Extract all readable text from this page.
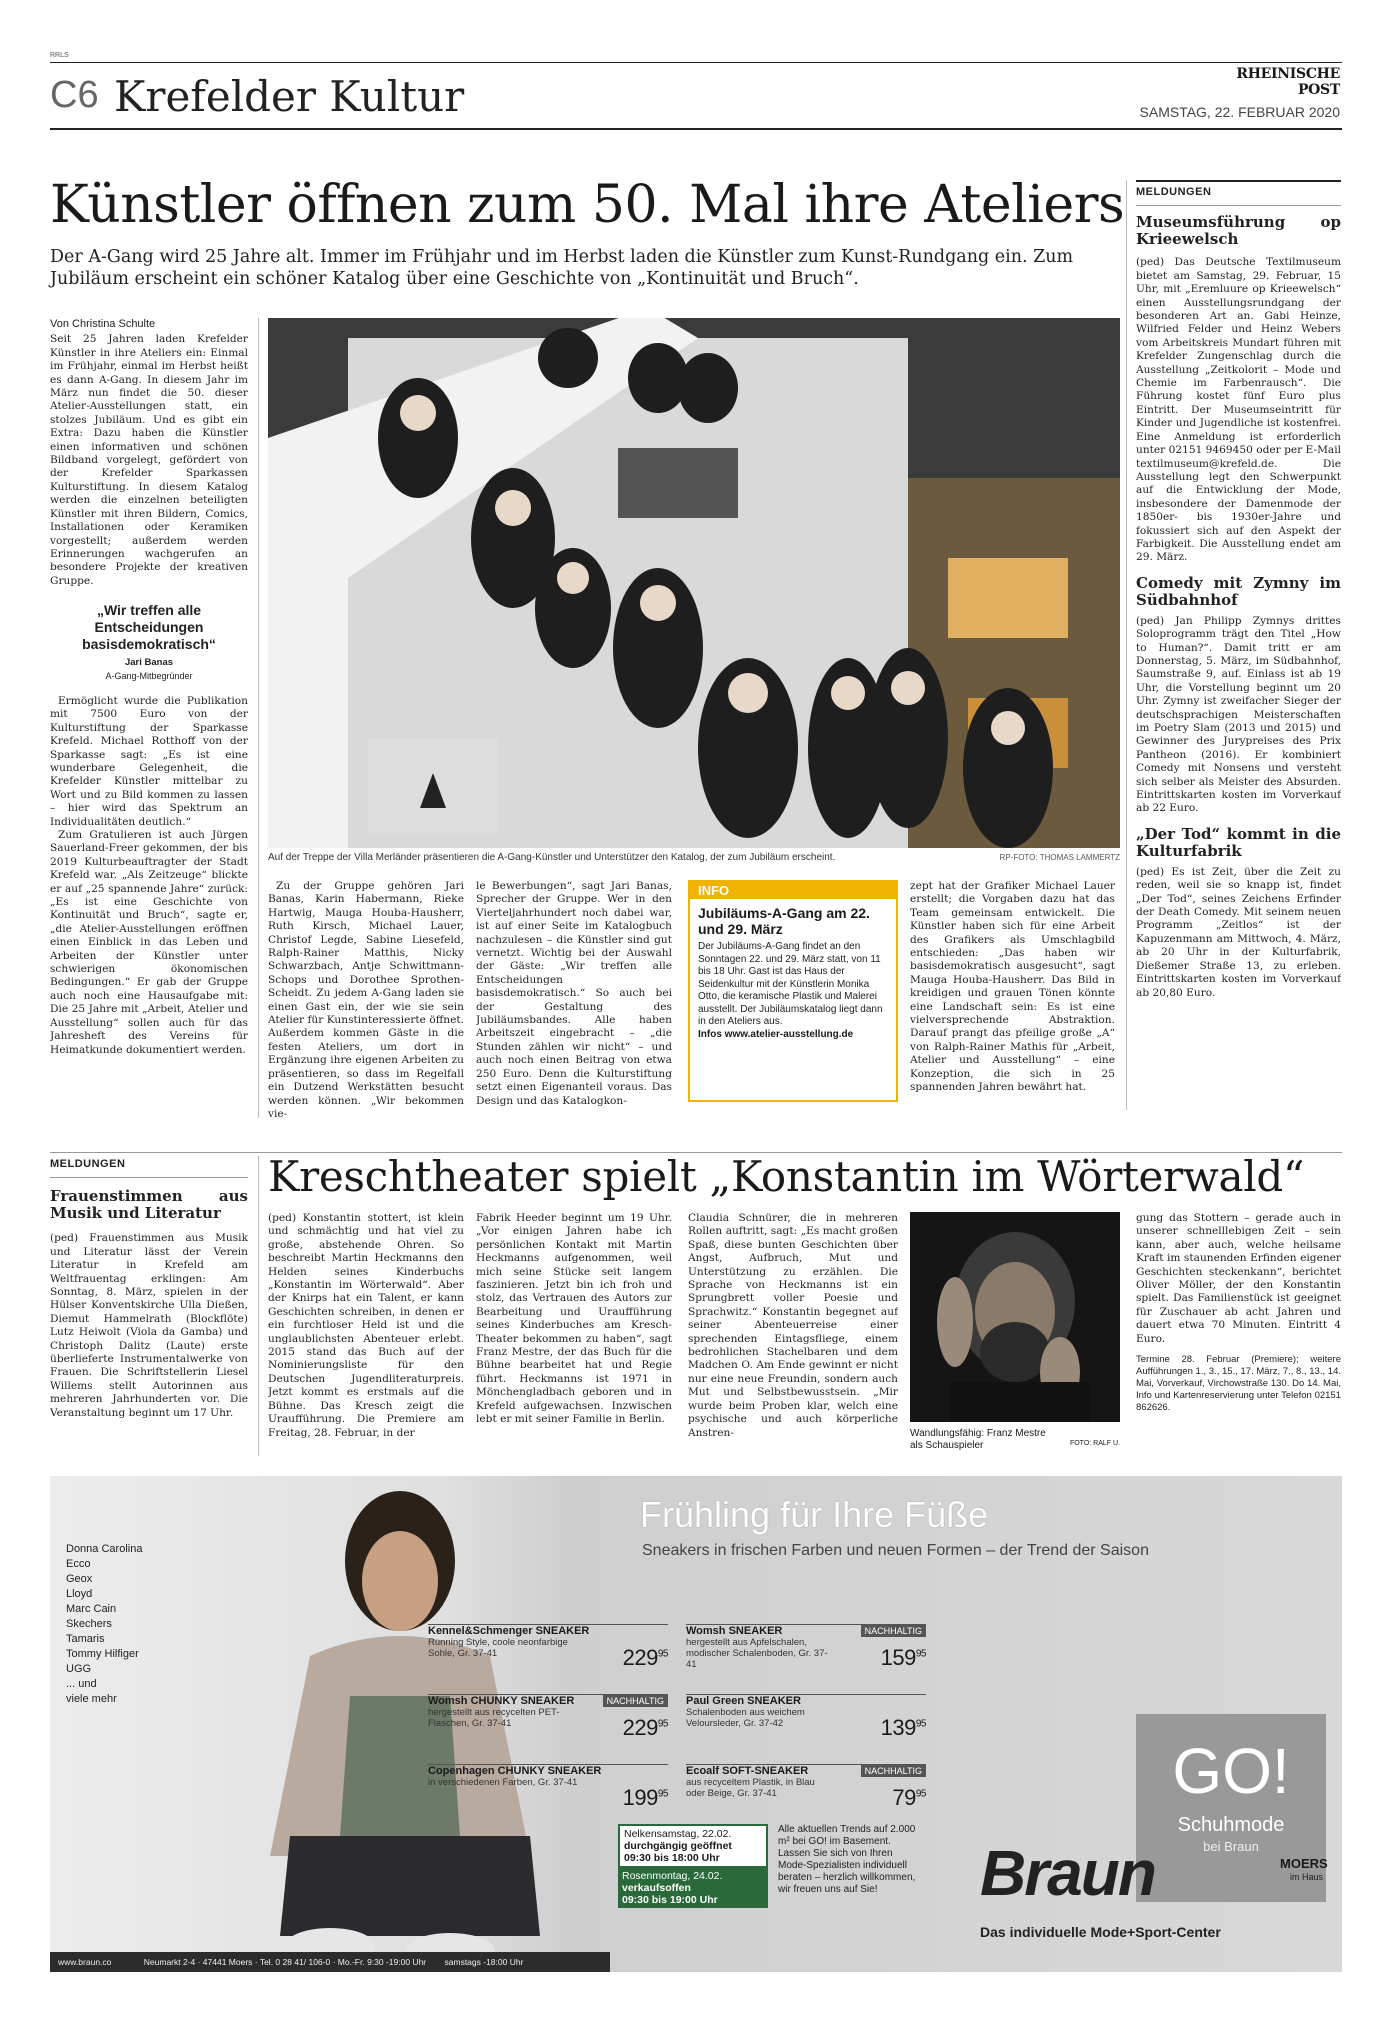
RRLS
C6 Krefelder Kultur	RHEINISCHE POST
SAMSTAG, 22. FEBRUAR 2020
Künstler öffnen zum 50. Mal ihre Ateliers
Der A-Gang wird 25 Jahre alt. Immer im Frühjahr und im Herbst laden die Künstler zum Kunst-Rundgang ein. Zum Jubiläum erscheint ein schöner Katalog über eine Geschichte von „Kontinuität und Bruch“.
Von Christina Schulte

Seit 25 Jahren laden Krefelder Künstler in ihre Ateliers ein: Einmal im Frühjahr, einmal im Herbst heißt es dann A-Gang. In diesem Jahr im März nun findet die 50. dieser Atelier-Ausstellungen statt, ein stolzes Jubiläum. Und es gibt ein Extra: Dazu haben die Künstler einen informativen und schönen Bildband vorgelegt, gefördert von der Krefelder Sparkassen Kulturstiftung. In diesem Katalog werden die einzelnen beteiligten Künstler mit ihren Bildern, Comics, Installationen oder Keramiken vorgestellt; außerdem werden Erinnerungen wachgerufen an besondere Projekte der kreativen Gruppe.

„Wir treffen alle Entscheidungen basisdemokratisch“
Jari Banas
A-Gang-Mitbegründer

Ermöglicht wurde die Publikation mit 7500 Euro von der Kulturstiftung der Sparkasse Krefeld. Michael Rotthoff von der Sparkasse sagt: „Es ist eine wunderbare Gelegenheit, die Krefelder Künstler mittelbar zu Wort und zu Bild kommen zu lassen – hier wird das Spektrum an Individualitäten deutlich.“

Zum Gratulieren ist auch Jürgen Sauerland-Freer gekommen, der bis 2019 Kulturbeauftragter der Stadt Krefeld war. „Als Zeitzeuge“ blickte er auf „25 spannende Jahre“ zurück: „Es ist eine Geschichte von Kontinuität und Bruch“, sagte er, „die Atelier-Ausstellungen eröffnen einen Einblick in das Leben und Arbeiten der Künstler unter schwierigen ökonomischen Bedingungen.“ Er gab der Gruppe auch noch eine Hausaufgabe mit: Die 25 Jahre mit „Arbeit, Atelier und Ausstellung“ sollen auch für das Jahresheft des Vereins für Heimatkunde dokumentiert werden.

Auf der Treppe der Villa Merländer präsentieren die A-Gang-Künstler und Unterstützer den Katalog, der zum Jubiläum erscheint.	RP-FOTO: THOMAS LAMMERTZ

Zu der Gruppe gehören Jari Banas, Karin Habermann, Rieke Hartwig, Mauga Houba-Hausherr, Ruth Kirsch, Michael Lauer, Christof Legde, Sabine Liesefeld, Ralph-Rainer Matthis, Nicky Schwarzbach, Antje Schwittmann-Schops und Dorothee Sprothen-Scheidt. Zu jedem A-Gang laden sie einen Gast ein, der wie sie sein Atelier für Kunstinteressierte öffnet. Außerdem kommen Gäste in die festen Ateliers, um dort in Ergänzung ihre eigenen Arbeiten zu präsentieren, so dass im Regelfall ein Dutzend Werkstätten besucht werden können. „Wir bekommen vie-

le Bewerbungen“, sagt Jari Banas, Sprecher der Gruppe. Wer in den Vierteljahrhundert noch dabei war, ist auf einer Seite im Katalogbuch nachzulesen – die Künstler sind gut vernetzt. Wichtig bei der Auswahl der Gäste: „Wir treffen alle Entscheidungen basisdemokratisch.“ So auch bei der Gestaltung des Jubiläumsbandes. Alle haben Arbeitszeit eingebracht – „die Stunden zählen wir nicht“ – und auch noch einen Beitrag von etwa 250 Euro. Denn die Kulturstiftung setzt einen Eigenanteil voraus. Das Design und das Katalogkon-

INFO
Jubiläums-A-Gang am 22. und 29. März
Der Jubiläums-A-Gang findet an den Sonntagen 22. und 29. März statt, von 11 bis 18 Uhr. Gast ist das Haus der Seidenkultur mit der Künstlerin Monika Otto, die keramische Plastik und Malerei ausstellt. Der Jubiläumskatalog liegt dann in den Ateliers aus.
Infos www.atelier-ausstellung.de

zept hat der Grafiker Michael Lauer erstellt; die Vorgaben dazu hat das Team gemeinsam entwickelt. Die Künstler haben sich für eine Arbeit des Grafikers als Umschlagbild entschieden: „Das haben wir basisdemokratisch ausgesucht“, sagt Mauga Houba-Hausherr. Das Bild in kreidigen und grauen Tönen könnte eine Landschaft sein: Es ist eine vielversprechende Abstraktion. Darauf prangt das pfeilige große „A“ von Ralph-Rainer Mathis für „Arbeit, Atelier und Ausstellung“ – eine Konzeption, die sich in 25 spannenden Jahren bewährt hat.

MELDUNGEN
Museumsführung op Krieewelsch

(ped) Das Deutsche Textilmuseum bietet am Samstag, 29. Februar, 15 Uhr, mit „Eremluure op Krieewelsch“ einen Ausstellungsrundgang der besonderen Art an. Gabi Heinze, Wilfried Felder und Heinz Webers vom Arbeitskreis Mundart führen mit Krefelder Zungenschlag durch die Ausstellung „Zeitkolorit – Mode und Chemie im Farbenrausch“. Die Führung kostet fünf Euro plus Eintritt. Der Museumseintritt für Kinder und Jugendliche ist kostenfrei. Eine Anmeldung ist erforderlich unter 02151 9469450 oder per E-Mail textilmuseum@krefeld.de. Die Ausstellung legt den Schwerpunkt auf die Entwicklung der Mode, insbesondere der Damenmode der 1850er- bis 1930er-Jahre und fokussiert sich auf den Aspekt der Farbigkeit. Die Ausstellung endet am 29. März.

Comedy mit Zymny im Südbahnhof

(ped) Jan Philipp Zymnys drittes Soloprogramm trägt den Titel „How to Human?“. Damit tritt er am Donnerstag, 5. März, im Südbahnhof, Saumstraße 9, auf. Einlass ist ab 19 Uhr, die Vorstellung beginnt um 20 Uhr. Zymny ist zweifacher Sieger der deutschsprachigen Meisterschaften im Poetry Slam (2013 und 2015) und Gewinner des Jurypreises des Prix Pantheon (2016). Er kombiniert Comedy mit Nonsens und versteht sich selber als Meister des Absurden. Eintrittskarten kosten im Vorverkauf ab 22 Euro.

„Der Tod“ kommt in die Kulturfabrik

(ped) Es ist Zeit, über die Zeit zu reden, weil sie so knapp ist, findet „Der Tod“, seines Zeichens Erfinder der Death Comedy. Mit seinem neuen Programm „Zeitlos“ ist der Kapuzenmann am Mittwoch, 4. März, ab 20 Uhr in der Kulturfabrik, Dießemer Straße 13, zu erleben. Eintrittskarten kosten im Vorverkauf ab 20,80 Euro.

MELDUNGEN
Frauenstimmen aus Musik und Literatur

(ped) Frauenstimmen aus Musik und Literatur lässt der Verein Literatur in Krefeld am Weltfrauentag erklingen: Am Sonntag, 8. März, spielen in der Hülser Konventskirche Ulla Dießen, Diemut Hammelrath (Blockflöte) Lutz Heiwolt (Viola da Gamba) und Christoph Dalitz (Laute) erste überlieferte Instrumentalwerke von Frauen. Die Schriftstellerin Liesel Willems stellt Autorinnen aus mehreren Jahrhunderten vor. Die Veranstaltung beginnt um 17 Uhr.

Kreschtheater spielt „Konstantin im Wörterwald“

(ped) Konstantin stottert, ist klein und schmächtig und hat viel zu große, abstehende Ohren. So beschreibt Martin Heckmanns den Helden seines Kinderbuchs „Konstantin im Wörterwald“. Aber der Knirps hat ein Talent, er kann Geschichten schreiben, in denen er ein furchtloser Held ist und die unglaublichsten Abenteuer erlebt. 2015 stand das Buch auf der Nominierungsliste für den Deutschen Jugendliteraturpreis. Jetzt kommt es erstmals auf die Bühne. Das Kresch zeigt die Uraufführung. Die Premiere am Freitag, 28. Februar, in der

Fabrik Heeder beginnt um 19 Uhr. „Vor einigen Jahren habe ich persönlichen Kontakt mit Martin Heckmanns aufgenommen, weil mich seine Stücke seit langem faszinieren. Jetzt bin ich froh und stolz, das Vertrauen des Autors zur Bearbeitung und Uraufführung seines Kinderbuches am Kresch-Theater bekommen zu haben“, sagt Franz Mestre, der das Buch für die Bühne bearbeitet hat und Regie führt. Heckmanns ist 1971 in Mönchengladbach geboren und in Krefeld aufgewachsen. Inzwischen lebt er mit seiner Familie in Berlin.

Claudia Schnürer, die in mehreren Rollen auftritt, sagt: „Es macht großen Spaß, diese bunten Geschichten über Angst, Aufbruch, Mut und Unterstützung zu erzählen. Die Sprache von Heckmanns ist ein Sprungbrett voller Poesie und Sprachwitz.“ Konstantin begegnet auf seiner Abenteuerreise einer sprechenden Eintagsfliege, einem bedrohlichen Stachelbaren und dem Madchen O. Am Ende gewinnt er nicht nur eine neue Freundin, sondern auch Mut und Selbstbewusstsein. „Mir wurde beim Proben klar, welch eine psychische und auch körperliche Anstren-	Wandlungsfähig: Franz Mestre als Schauspieler	FOTO: RALF U.

gung das Stottern – gerade auch in unserer schnelllebigen Zeit – sein kann, aber auch, welche heilsame Kraft im staunenden Erfinden eigener Geschichten steckenkann“, berichtet Oliver Möller, der den Konstantin spielt. Das Familienstück ist geeignet für Zuschauer ab acht Jahren und dauert etwa 70 Minuten. Eintritt 4 Euro.

Termine 28. Februar (Premiere); weitere Aufführungen 1., 3., 15., 17. März, 7., 8., 13., 14. Mai, Vorverkauf, Virchowstraße 130. Do 14. Mai, Info und Kartenreservierung unter Telefon 02151 862626.

Frühling für Ihre Füße
Sneakers in frischen Farben und neuen Formen – der Trend der Saison
Donna Carolina
Ecco
Geox
Lloyd
Marc Cain
Skechers
Tamaris
Tommy Hilfiger
UGG
... und
viele mehr
Kennel&Schmenger SNEAKER
Running Style, coole neonfarbige Sohle, Gr. 37-41	$229^{95}$
Womsh SNEAKER
hergestellt aus Apfelschalen, modischer Schalenboden, Gr. 37-41	$159^{95}$
NACHHALTIG
Womsh CHUNKY SNEAKER
hergestellt aus recycelten PET-Flaschen, Gr. 37-41	$229^{95}$
NACHHALTIG	Paul Green SNEAKER
Schalenboden aus weichem Veloursleder, Gr. 37-42	$139^{95}$
Copenhagen CHUNKY SNEAKER
in verschiedenen Farben, Gr. 37-41
$199^{95}$
Ecoalf SOFT-SNEAKER
aus recyceltem Plastik, in Blau oder Beige, Gr. 37-41	$79^{95}$
NACHHALTIG	GO!
Schuhmode
bei Braun
Nelkensamstag, 22.02.
durchgängig geöffnet
09:30 bis 18:00 Uhr
Rosenmontag, 24.02.
verkaufsoffen
09:30 bis 19:00 Uhr
Alle aktuellen Trends auf 2.000 m² bei GO! im Basement. Lassen Sie sich von Ihren Mode-Spezialisten individuell beraten – herzlich willkommen, wir freuen uns auf Sie!	Braun	MOERS
im Haus
Das individuelle Mode+Sport-Center
www.braun.co	Neumarkt 2-4 · 47441 Moers · Tel. 0 28 41/ 106-0 · Mo.-Fr. 9:30 -19:00 Uhr samstags -18:00 Uhr
